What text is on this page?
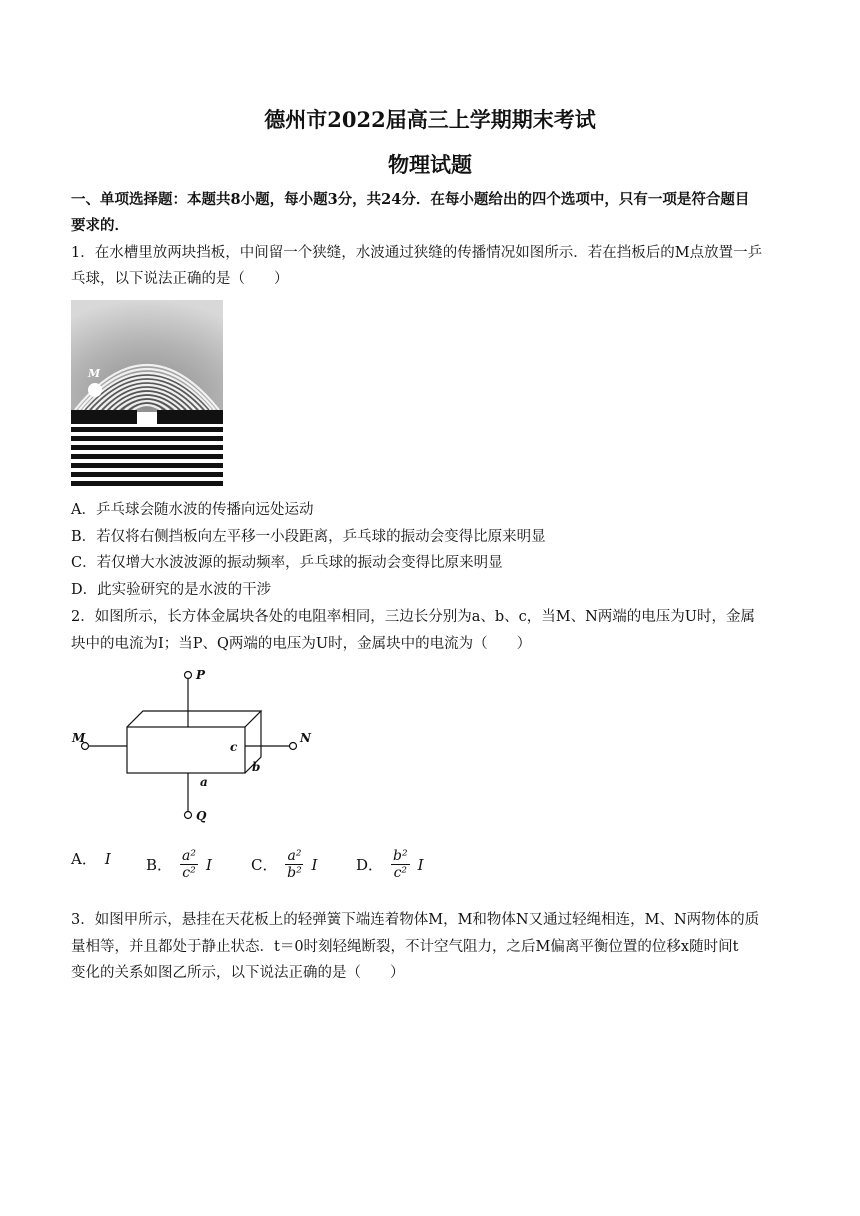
德州市2022届高三上学期期末考试
物理试题
一、单项选择题：本题共8小题，每小题3分，共24分．在每小题给出的四个选项中，只有一项是符合题目
要求的．
1．在水槽里放两块挡板，中间留一个狭缝，水波通过狭缝的传播情况如图所示．若在挡板后的M点放置一乒
乓球，以下说法正确的是（　　）
M
A．乒乓球会随水波的传播向远处运动
B．若仅将右侧挡板向左平移一小段距离，乒乓球的振动会变得比原来明显
C．若仅增大水波波源的振动频率，乒乓球的振动会变得比原来明显
D．此实验研究的是水波的干涉
2．如图所示，长方体金属块各处的电阻率相同，三边长分别为a、b、c，当M、N两端的电压为U时，金属
块中的电流为I；当P、Q两端的电压为U时，金属块中的电流为（　　）
P
Q
M	N
a
b
c
A． I B． $\frac{\text{a²}}{\text{c²}}$ I	C． $\frac{\text{a²}}{\text{b²}}$ I	D． $\frac{\text{b²}}{\text{c²}}$ I
3．如图甲所示，悬挂在天花板上的轻弹簧下端连着物体M，M和物体N又通过轻绳相连，M、N两物体的质
量相等，并且都处于静止状态．t＝0时刻轻绳断裂，不计空气阻力，之后M偏离平衡位置的位移x随时间t
变化的关系如图乙所示，以下说法正确的是（　　）
